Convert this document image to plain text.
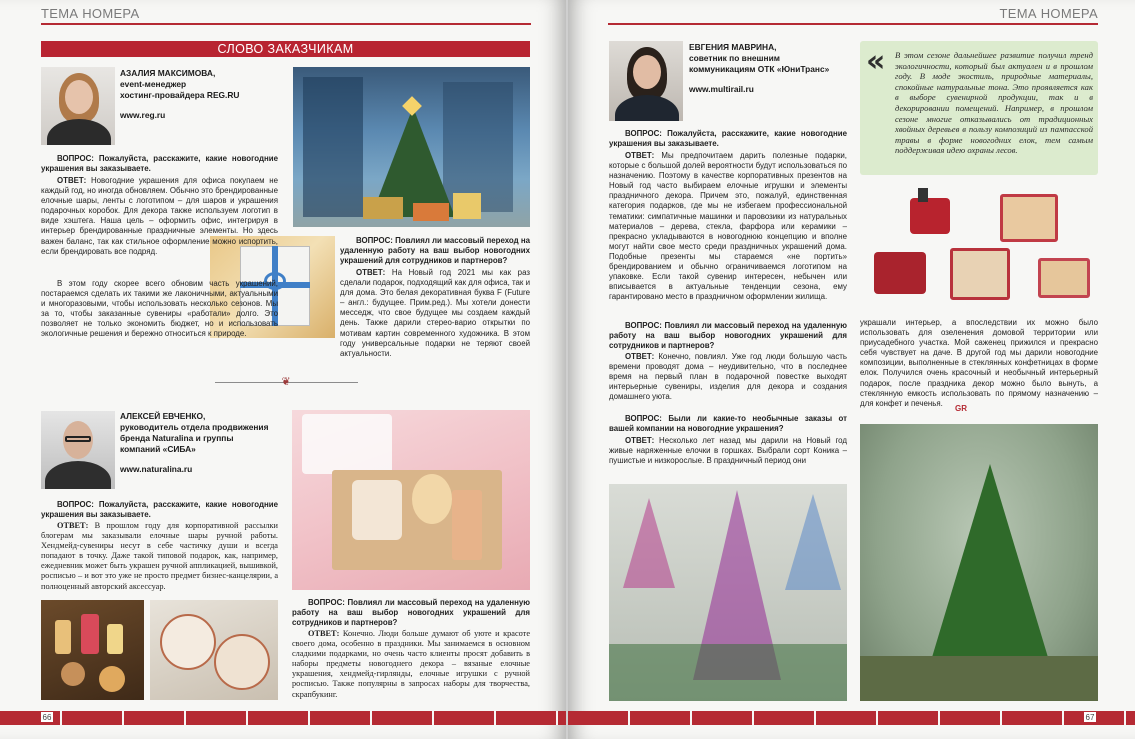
ТЕМА НОМЕРА
СЛОВО ЗАКАЗЧИКАМ
АЗАЛИЯ МАКСИМОВА,
event-менеджер
хостинг-провайдера REG.RU
www.reg.ru
ВОПРОС: Пожалуйста, расскажите, какие новогодние украшения вы заказываете.
ОТВЕТ: Новогодние украшения для офиса покупаем не каждый год, но иногда обновляем. Обычно это брендированные елочные шары, ленты с логотипом – для шаров и украшения подарочных коробок. Для декора также используем логотип в виде хэштега. Наша цель – оформить офис, интегрируя в интерьер брендированные праздничные элементы. Но здесь важен баланс, так как стильное оформление можно испортить, если брендировать все подряд.
В этом году скорее всего обновим часть украшений, постараемся сделать их такими же лаконичными, актуальными и многоразовыми, чтобы использовать несколько сезонов. Мы за то, чтобы заказанные сувениры «работали» долго. Это позволяет не только экономить бюджет, но и использовать экологичные решения и бережно относиться к природе.
ВОПРОС: Повлиял ли массовый переход на удаленную работу на ваш выбор новогодних украшений для сотрудников и партнеров?
ОТВЕТ: На Новый год 2021 мы как раз сделали подарок, подходящий как для офиса, так и для дома. Это белая декоративная буква F (Future – англ.: будущее. Прим.ред.). Мы хотели донести месседж, что свое будущее мы создаем каждый день. Также дарили стерео-варио открытки по мотивам картин современного художника. В этом году универсальные подарки не теряют своей актуальности.
❦
АЛЕКСЕЙ ЕВЧЕНКО,
руководитель отдела продвижения
бренда Naturalina и группы
компаний «СИБА»
www.naturalina.ru
ВОПРОС: Пожалуйста, расскажите, какие новогодние украшения вы заказываете.
ОТВЕТ: В прошлом году для корпоративной рассылки блогерам мы заказывали елочные шары ручной работы. Хендмейд-сувениры несут в себе частичку души и всегда попадают в точку. Даже такой типовой подарок, как, например, ежедневник может быть украшен ручной аппликацией, вышивкой, росписью – и вот это уже не просто предмет бизнес-канцелярии, а полноценный авторский аксессуар.
ВОПРОС: Повлиял ли массовый переход на удаленную работу на ваш выбор новогодних украшений для сотрудников и партнеров?
ОТВЕТ: Конечно. Люди больше думают об уюте и красоте своего дома, особенно в праздники. Мы занимаемся в основном сладкими подарками, но очень часто клиенты просят добавить в наборы предметы новогоднего декора – вязаные елочные украшения, хендмейд-гирлянды, елочные игрушки с ручной росписью. Также популярны в запросах наборы для творчества, скрапбукинг.
66
ТЕМА НОМЕРА
ЕВГЕНИЯ МАВРИНА,
советник по внешним
коммуникациям ОТК «ЮниТранс»
www.multirail.ru
« В этом сезоне дальнейшее развитие получил тренд экологичности, который был актуален и в прошлом году. В моде экостиль, природные материалы, спокойные натуральные тона. Это проявляется как в выборе сувенирной продукции, так и в декорировании помещений. Например, в прошлом сезоне многие отказывались от традиционных хвойных деревьев в пользу композиций из пампасской травы в форме новогодних елок, тем самым поддерживая идею охраны лесов.
ВОПРОС: Пожалуйста, расскажите, какие новогодние украшения вы заказываете.
ОТВЕТ: Мы предпочитаем дарить полезные подарки, которые с большой долей вероятности будут использоваться по назначению. Поэтому в качестве корпоративных презентов на Новый год часто выбираем елочные игрушки и элементы праздничного декора. Причем это, пожалуй, единственная категория подарков, где мы не избегаем профессиональной тематики: симпатичные машинки и паровозики из натуральных материалов – дерева, стекла, фарфора или керамики – прекрасно укладываются в новогоднюю концепцию и вполне могут найти свое место среди праздничных украшений дома. Подобные презенты мы стараемся «не портить» брендированием и обычно ограничиваемся логотипом на упаковке. Если такой сувенир интересен, небычен или вписывается в актуальные тенденции сезона, ему гарантировано место в праздничном оформлении жилища.
ВОПРОС: Повлиял ли массовый переход на удаленную работу на ваш выбор новогодних украшений для сотрудников и партнеров?
ОТВЕТ: Конечно, повлиял. Уже год люди большую часть времени проводят дома – неудивительно, что в последнее время на первый план в подарочной повестке выходят интерьерные сувениры, изделия для декора и создания домашнего уюта.
ВОПРОС: Были ли какие-то необычные заказы от вашей компании на новогодние украшения?
ОТВЕТ: Несколько лет назад мы дарили на Новый год живые наряженные елочки в горшках. Выбрали сорт Коника – пушистые и низкорослые. В праздничный период они
украшали интерьер, а впоследствии их можно было использовать для озеленения домовой территории или приусадебного участка. Мой саженец прижился и прекрасно себя чувствует на даче. В другой год мы дарили новогодние композиции, выполненные в стеклянных конфетницах в форме елок. Получился очень красочный и необычный интерьерный подарок, после праздника декор можно было вынуть, а стеклянную емкость использовать по прямому назначению – для конфет и печенья.
GR
67
